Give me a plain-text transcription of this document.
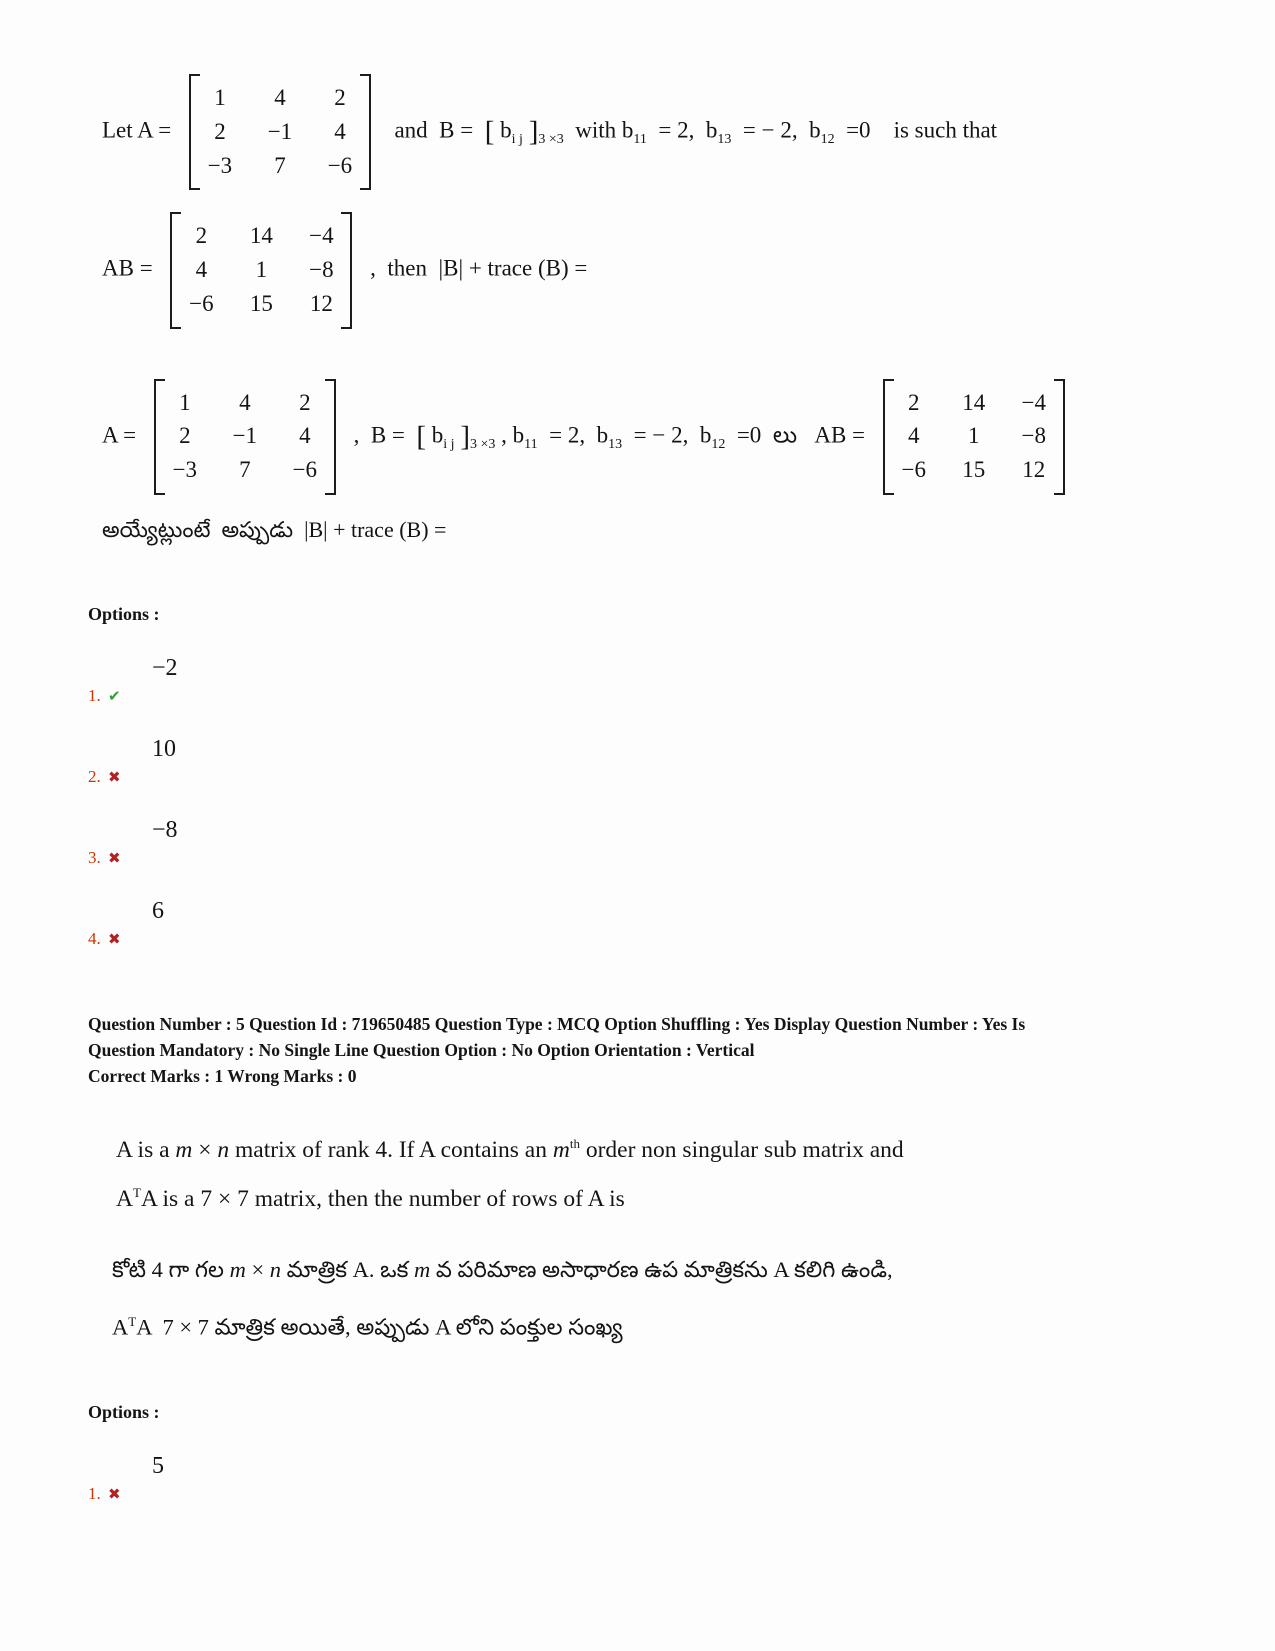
Let A =
1	4	2
2	−1	4
−3	7	−6
and  B =  [ $b_{i j}$ ]$_{3 \times 3}$  with $b_{11} = 2$,  $b_{13}$  = − 2,  $b_{12} =0$    is such that
AB =
2	14 −4
4	1	−8
−6 15 12
,  then  |B| + trace (B) =
A =
1	4	2
2	−1	4
−3	7	−6
,  B =  [ $b_{i j}$ ]$_{3 \times 3}$ , $b_{11} = 2$,  $b_{13}$  = − 2,  $b_{12} =0$  లు   AB =
2	14 −4
4	1	−8
−6 15 12
అయ్యేట్లుంటే  అప్పుడు  |B| + trace (B) =
Options :
−2
1. ✔
10
2. ✖
−8
3. ✖
6
4. ✖
Question Number : 5 Question Id : 719650485 Question Type : MCQ Option Shuffling : Yes Display Question Number : Yes Is
Question Mandatory : No Single Line Question Option : No Option Orientation : Vertical
Correct Marks : 1 Wrong Marks : 0
A is a m × n matrix of rank 4. If A contains an $m^{th}$ order non singular sub matrix and
$A^TA$ is a 7 × 7 matrix, then the number of rows of A is
కోటి 4 గా గల m × n మాత్రిక A. ఒక m వ పరిమాణ అసాధారణ ఉప మాత్రికను A కలిగి ఉండి,
$A^TA$  7 × 7 మాత్రిక అయితే, అప్పుడు A లోని పంక్తుల సంఖ్య
Options :
5
1. ✖
